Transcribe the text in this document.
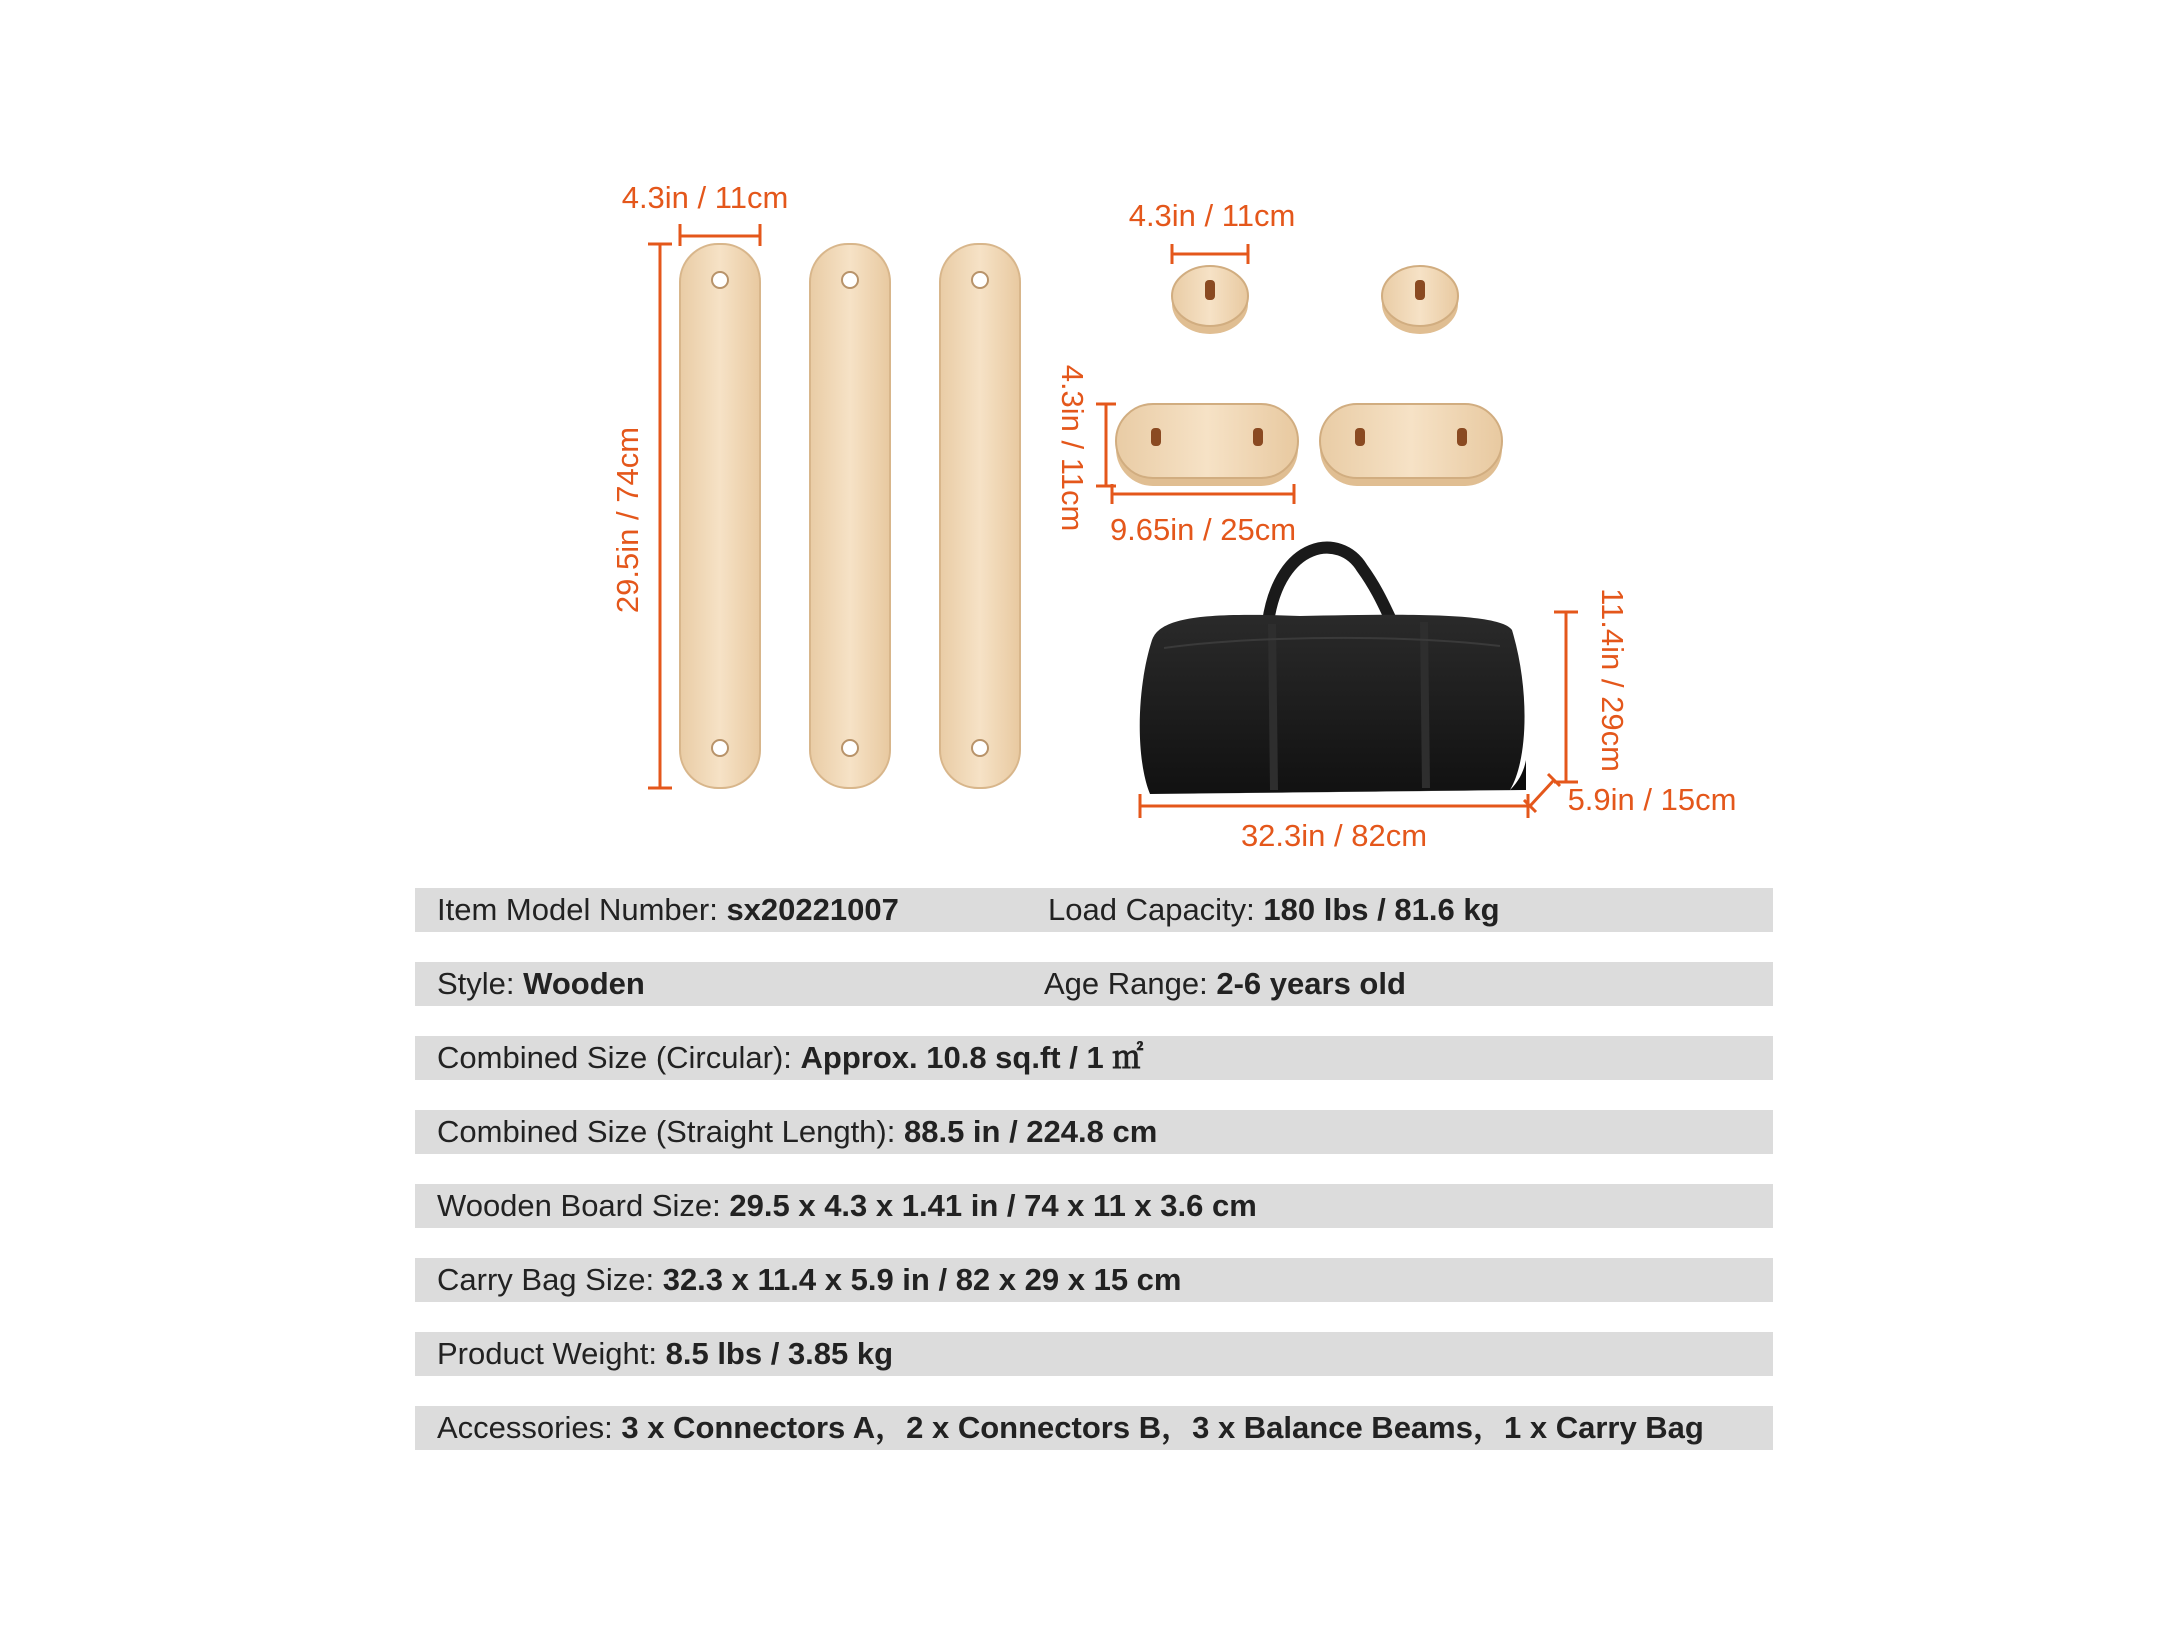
4.3in / 11cm
29.5in / 74cm
4.3in / 11cm
4.3in / 11cm 9.65in / 25cm
11.4in / 29cm
5.9in / 15cm
32.3in / 82cm
Item Model Number: sx20221007	Load Capacity: 180 lbs / 81.6 kg
Style: Wooden	Age Range: 2-6 years old
Combined Size (Circular): Approx. 10.8 sq.ft / 1 ㎡
Combined Size (Straight Length): 88.5 in / 224.8 cm
Wooden Board Size: 29.5 x 4.3 x 1.41 in / 74 x 11 x 3.6 cm
Carry Bag Size: 32.3 x 11.4 x 5.9 in / 82 x 29 x 15 cm
Product Weight: 8.5 lbs / 3.85 kg
Accessories: 3 x Connectors A，2 x Connectors B，3 x Balance Beams，1 x Carry Bag
